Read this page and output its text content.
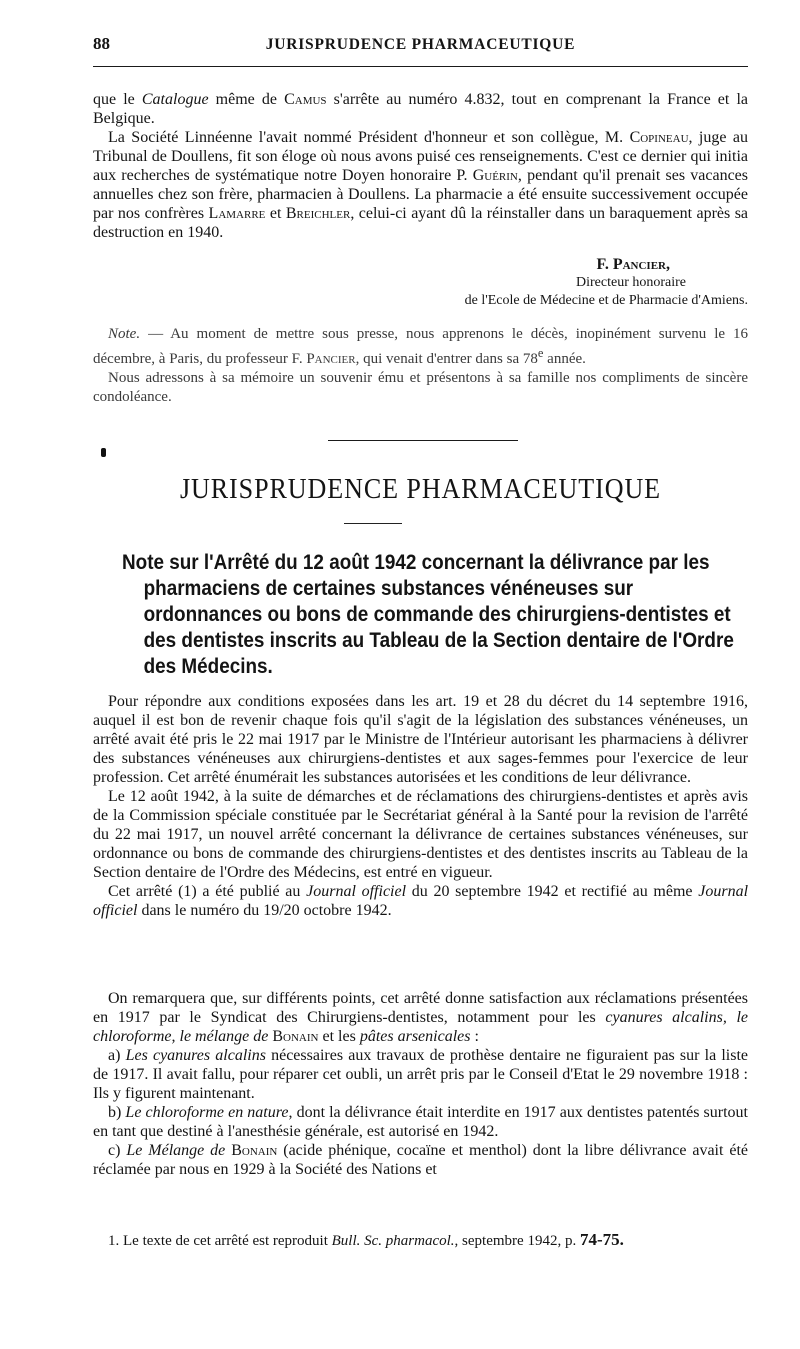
88	JURISPRUDENCE PHARMACEUTIQUE

que le Catalogue même de Camus s'arrête au numéro 4.832, tout en comprenant la France et la Belgique.

La Société Linnéenne l'avait nommé Président d'honneur et son collègue, M. Copineau, juge au Tribunal de Doullens, fit son éloge où nous avons puisé ces renseignements. C'est ce dernier qui initia aux recherches de systématique notre Doyen honoraire P. Guérin, pendant qu'il prenait ses vacances annuelles chez son frère, pharmacien à Doullens. La pharmacie a été ensuite successivement occupée par nos confrères Lamarre et Breichler, celui-ci ayant dû la réinstaller dans un baraquement après sa destruction en 1940.

F. Pancier,
Directeur honoraire
de l'Ecole de Médecine et de Pharmacie d'Amiens.

Note. — Au moment de mettre sous presse, nous apprenons le décès, inopinément survenu le 16 décembre, à Paris, du professeur F. Pancier, qui venait d'entrer dans sa 78e année.

Nous adressons à sa mémoire un souvenir ému et présentons à sa famille nos compliments de sincère condoléance.

JURISPRUDENCE PHARMACEUTIQUE
Note sur l'Arrêté du 12 août 1942 concernant la délivrance par les
pharmaciens de certaines substances vénéneuses sur ordonnances ou bons de commande des chirurgiens-dentistes et des dentistes inscrits au Tableau de la Section dentaire de l'Ordre des Médecins.

Pour répondre aux conditions exposées dans les art. 19 et 28 du décret du 14 septembre 1916, auquel il est bon de revenir chaque fois qu'il s'agit de la législation des substances vénéneuses, un arrêté avait été pris le 22 mai 1917 par le Ministre de l'Intérieur autorisant les pharmaciens à délivrer des substances vénéneuses aux chirurgiens-dentistes et aux sages-femmes pour l'exercice de leur profession. Cet arrêté énumérait les substances autorisées et les conditions de leur délivrance.

Le 12 août 1942, à la suite de démarches et de réclamations des chirurgiens-dentistes et après avis de la Commission spéciale constituée par le Secrétariat général à la Santé pour la revision de l'arrêté du 22 mai 1917, un nouvel arrêté concernant la délivrance de certaines substances vénéneuses, sur ordonnance ou bons de commande des chirurgiens-dentistes et des dentistes inscrits au Tableau de la Section dentaire de l'Ordre des Médecins, est entré en vigueur.

Cet arrêté (1) a été publié au Journal officiel du 20 septembre 1942 et rectifié au même Journal officiel dans le numéro du 19/20 octobre 1942.

On remarquera que, sur différents points, cet arrêté donne satisfaction aux réclamations présentées en 1917 par le Syndicat des Chirurgiens-dentistes, notamment pour les cyanures alcalins, le chloroforme, le mélange de Bonain et les pâtes arsenicales :

a) Les cyanures alcalins nécessaires aux travaux de prothèse dentaire ne figuraient pas sur la liste de 1917. Il avait fallu, pour réparer cet oubli, un arrêt pris par le Conseil d'Etat le 29 novembre 1918 : Ils y figurent maintenant.

b) Le chloroforme en nature, dont la délivrance était interdite en 1917 aux dentistes patentés surtout en tant que destiné à l'anesthésie générale, est autorisé en 1942.

c) Le Mélange de Bonain (acide phénique, cocaïne et menthol) dont la libre délivrance avait été réclamée par nous en 1929 à la Société des Nations et

1. Le texte de cet arrêté est reproduit Bull. Sc. pharmacol., septembre 1942, p. 74-75.
